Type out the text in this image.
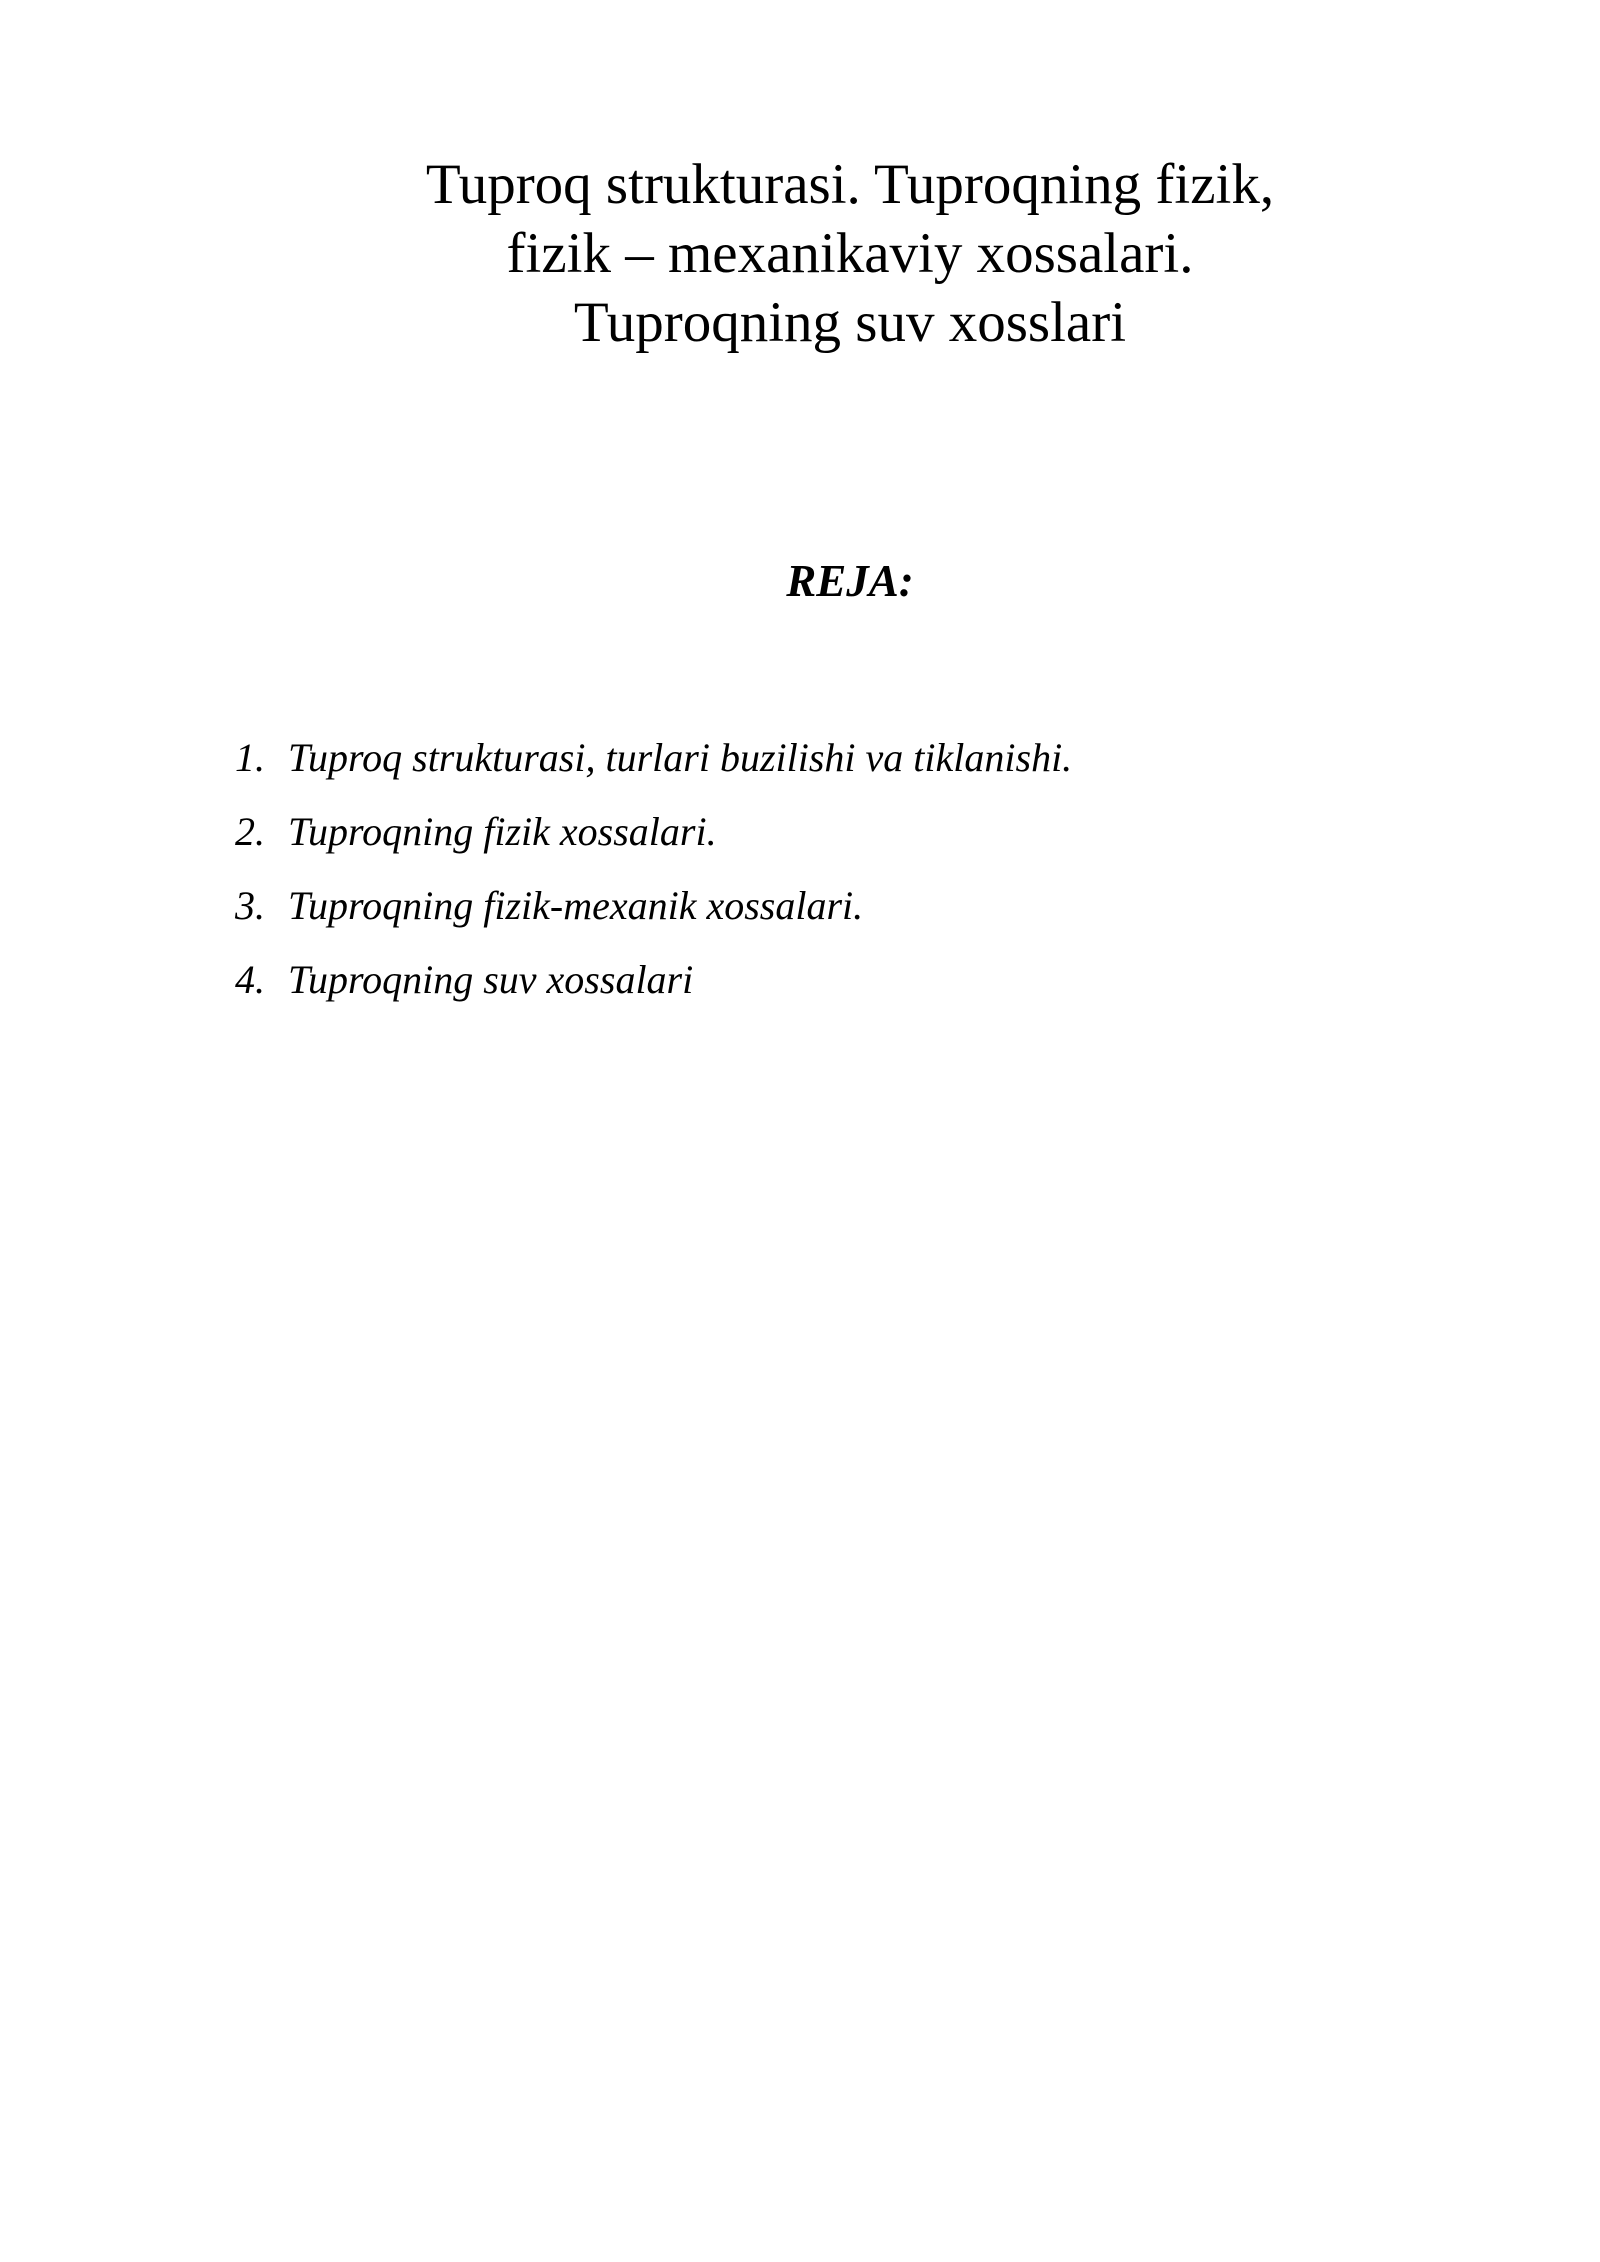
Tuproq strukturasi. Tuproqning fizik,
fizik – mexanikaviy xossalari.
Tuproqning suv xosslari
REJA:
1. Tuproq strukturasi, turlari buzilishi va tiklanishi.
2. Tuproqning fizik xossalari.
3. Tuproqning fizik-mexanik xossalari.
4. Tuproqning suv xossalari
